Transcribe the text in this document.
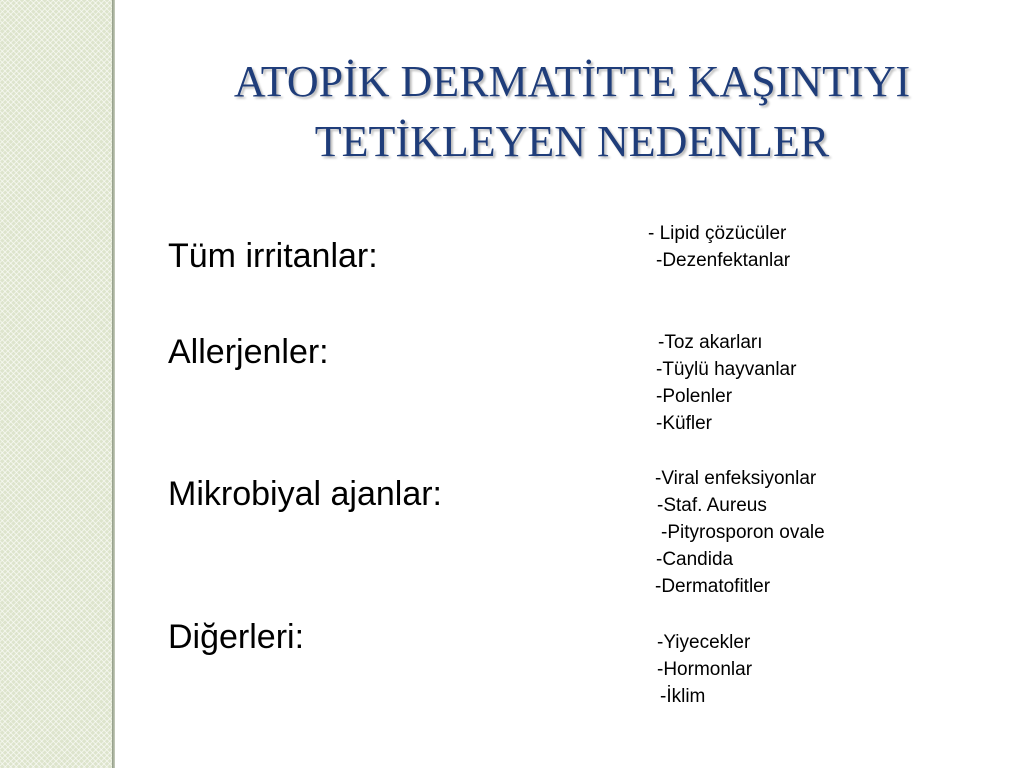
ATOPİK DERMATİTTE KAŞINTIYI
TETİKLEYEN NEDENLER

Tüm irritanlar:

- Lipid çözücüler
-Dezenfektanlar

Allerjenler:	-Toz akarları
-Tüylü hayvanlar
-Polenler
-Küfler

Mikrobiyal ajanlar:	-Viral enfeksiyonlar
-Staf. Aureus
-Pityrosporon ovale
-Candida
-Dermatofitler

Diğerleri:	-Yiyecekler
-Hormonlar
-İklim
